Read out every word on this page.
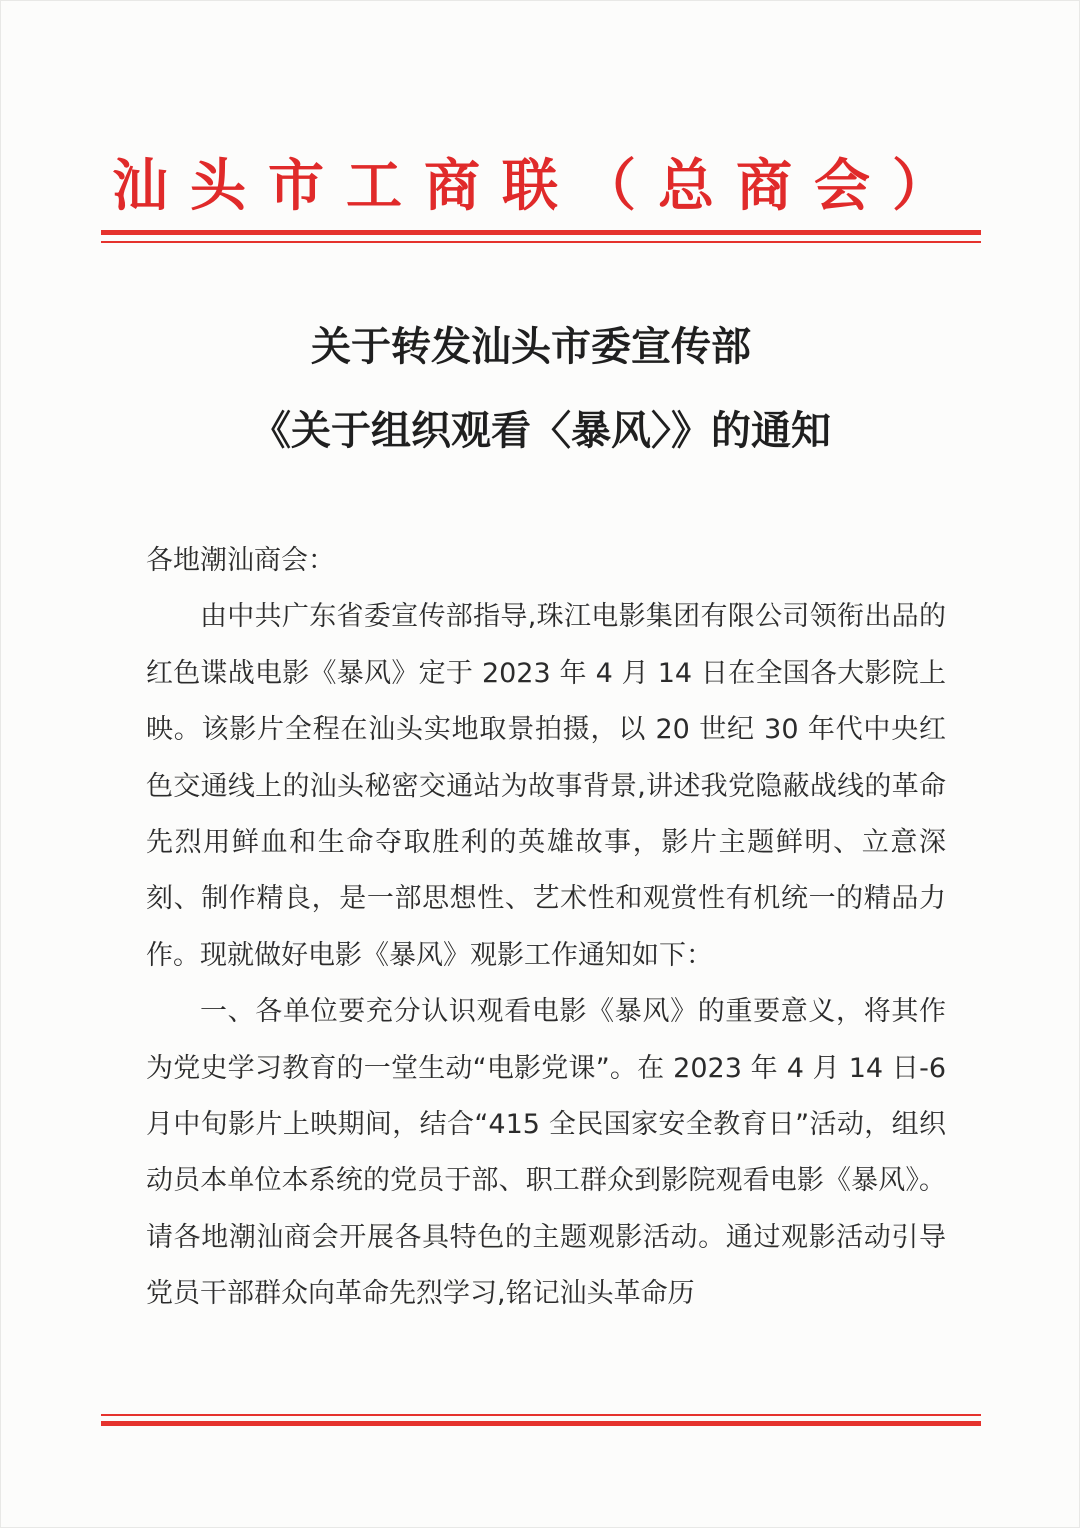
汕头市工商联（总商会）
关于转发汕头市委宣传部
《关于组织观看〈暴风〉》的通知

各地潮汕商会：

由中共广东省委宣传部指导,珠江电影集团有限公司领衔出品的红色谍战电影《暴风》定于 2023 年 4 月 14 日在全国各大影院上映。该影片全程在汕头实地取景拍摄，以 20 世纪 30 年代中央红色交通线上的汕头秘密交通站为故事背景,讲述我党隐蔽战线的革命先烈用鲜血和生命夺取胜利的英雄故事，影片主题鲜明、立意深刻、制作精良，是一部思想性、艺术性和观赏性有机统一的精品力作。现就做好电影《暴风》观影工作通知如下：

一、各单位要充分认识观看电影《暴风》的重要意义，将其作为党史学习教育的一堂生动“电影党课”。在 2023 年 4 月 14 日-6 月中旬影片上映期间，结合“415 全民国家安全教育日”活动，组织动员本单位本系统的党员于部、职工群众到影院观看电影《暴风》。请各地潮汕商会开展各具特色的主题观影活动。通过观影活动引导党员干部群众向革命先烈学习,铭记汕头革命历
